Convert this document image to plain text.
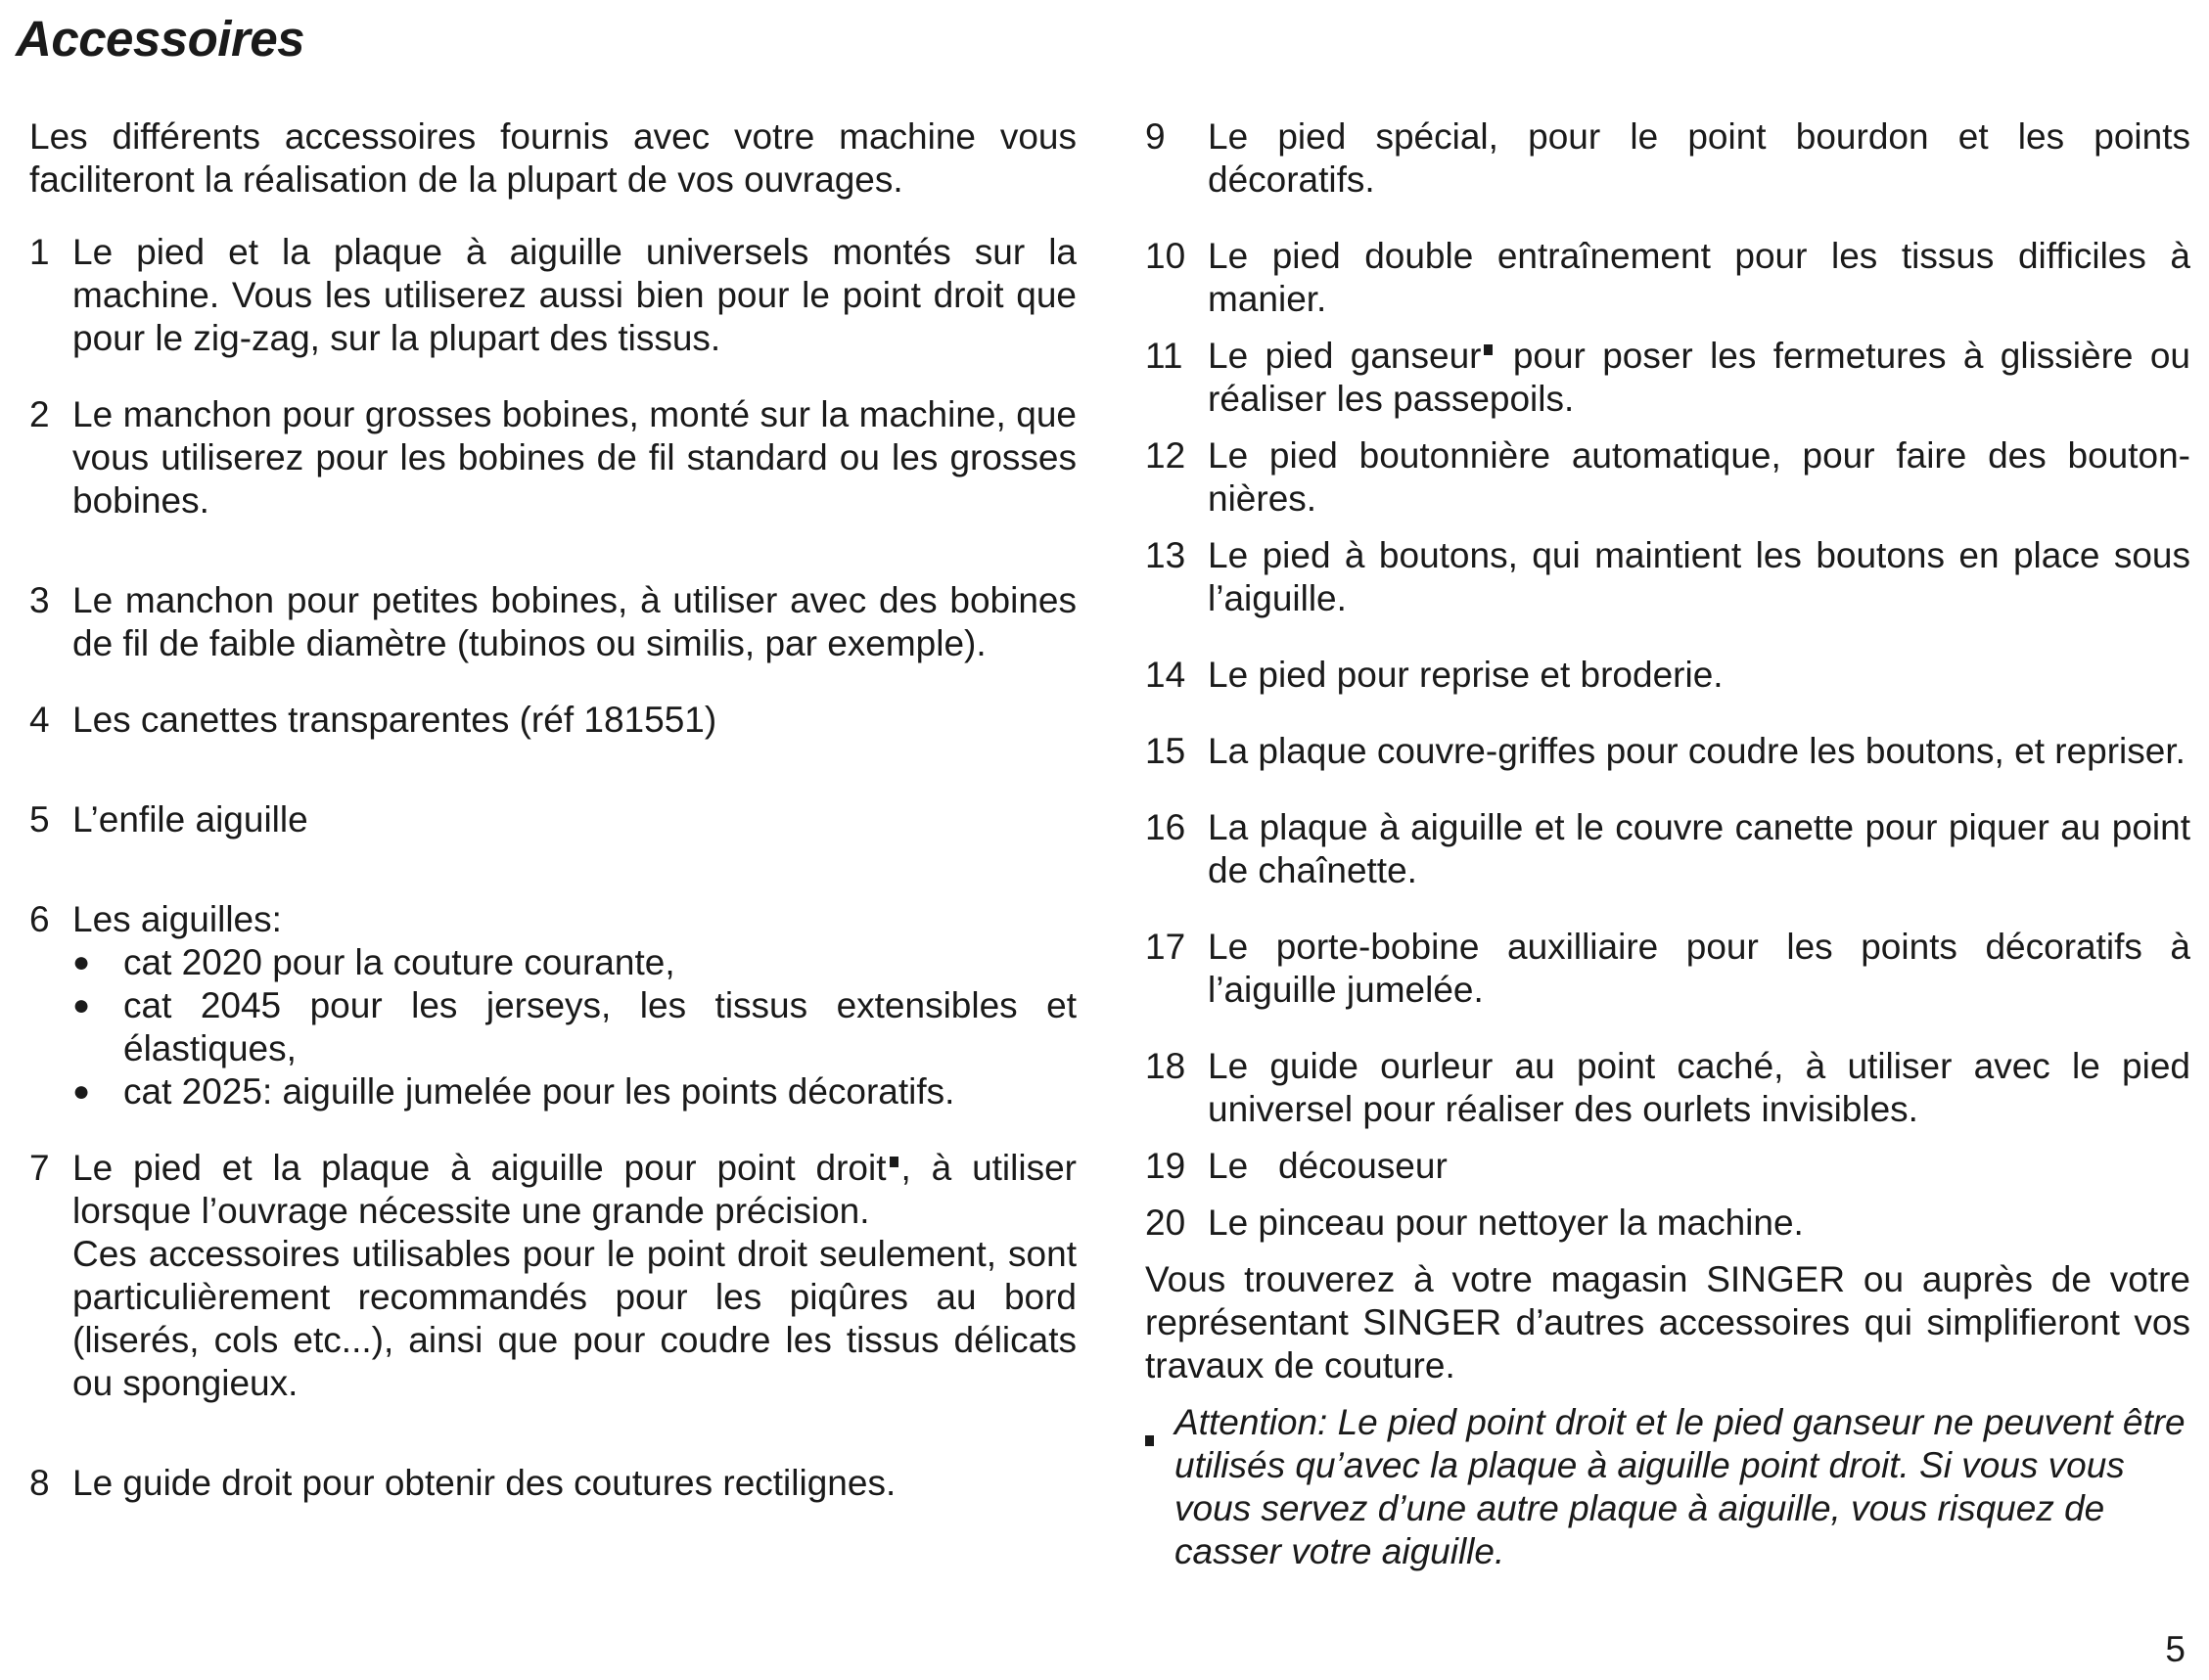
Accessoires

Les différents accessoires fournis avec votre machine vous faciliteront la réalisation de la plupart de vos ouvrages.

1 Le pied et la plaque à aiguille universels montés sur la machine. Vous les utiliserez aussi bien pour le point droit que pour le zig-zag, sur la plupart des tissus.
2 Le manchon pour grosses bobines, monté sur la machine, que vous utiliserez pour les bobines de fil standard ou les grosses bobines.
3 Le manchon pour petites bobines, à utiliser avec des bobines de fil de faible diamètre (tubinos ou similis, par exemple).
4 Les canettes transparentes (réf 181551)
5 L’enfile aiguille
6 Les aiguilles:
● cat 2020 pour la couture courante,
● cat 2045 pour les jerseys, les tissus extensibles et élastiques,
● cat 2025: aiguille jumelée pour les points décoratifs.
7 Le pied et la plaque à aiguille pour point droit , à utiliser lorsque l’ouvrage nécessite une grande précision.
Ces accessoires utilisables pour le point droit seulement, sont particulièrement recommandés pour les piqûres au bord (liserés, cols etc...), ainsi que pour coudre les tissus délicats ou spongieux.
8 Le guide droit pour obtenir des coutures rectilignes.
9	Le pied spécial, pour le point bourdon et les points décoratifs.
10 Le pied double entraînement pour les tissus difficiles à manier.
11 Le pied ganseur pour poser les fermetures à glissière ou réaliser les passepoils.
12 Le pied boutonnière automatique, pour faire des bouton-nières.
13 Le pied à boutons, qui maintient les boutons en place sous l’aiguille.
14 Le pied pour reprise et broderie.
15 La plaque couvre-griffes pour coudre les boutons, et repriser.
16 La plaque à aiguille et le couvre canette pour piquer au point de chaînette.
17 Le porte-bobine auxilliaire pour les points décoratifs à l’aiguille jumelée.
18 Le guide ourleur au point caché, à utiliser avec le pied universel pour réaliser des ourlets invisibles.
19 Le   découseur
20 Le pinceau pour nettoyer la machine.

Vous trouverez à votre magasin SINGER ou auprès de votre représentant SINGER d’autres accessoires qui simplifieront vos travaux de couture.

Attention: Le pied point droit et le pied ganseur ne peuvent être utilisés qu’avec la plaque à aiguille point droit. Si vous vous vous servez d’une autre plaque à aiguille, vous risquez de casser votre aiguille.
5
